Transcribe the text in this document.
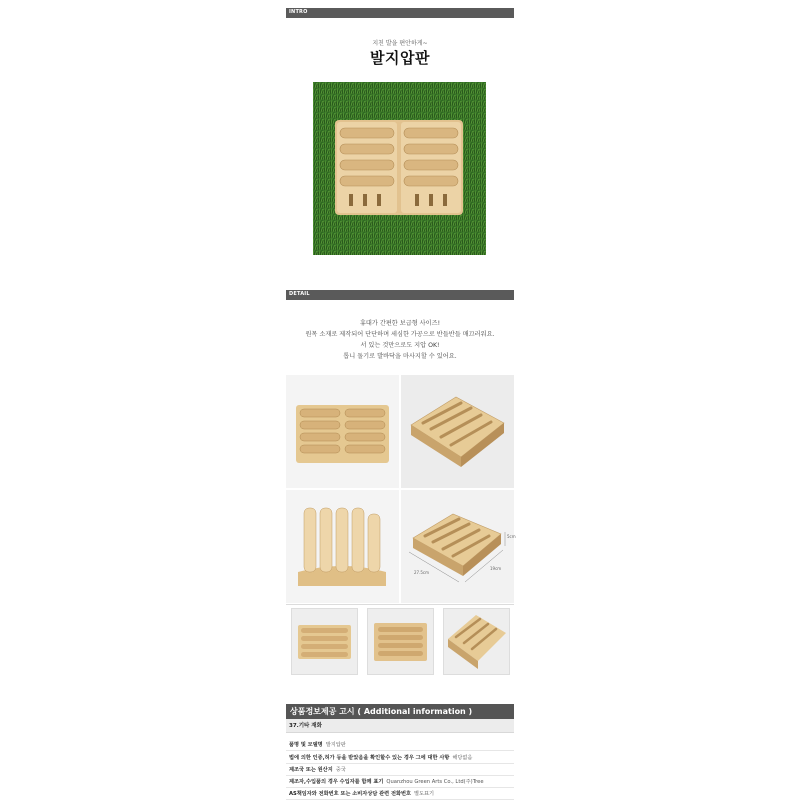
INTRO
지친 발을 편안하게~
발지압판
DETAIL
휴대가 간편한 보급형 사이즈!
원목 소재로 제작되어 단단하며 세심한 가공으로 반들반들 매끄러워요.
서 있는 것만으로도 지압 OK!
톱니 돌기로 발바닥을 마사지할 수 있어요.
5cm
27.5cm
19cm
상품정보제공 고시 ( Additional information )
37.기타 재화
품명 및 모델명 발지압판
법에 의한 인증,허가 등을 받았음을 확인할수 있는 경우 그에 대한 사항 해당없음
제조국 또는 원산지 중국
제조자,수입품의 경우 수입자를 함께 표기 Quanzhou Green Arts Co., Ltd(주)Tree
AS책임자와 전화번호 또는 소비자상담 관련 전화번호 별도표기
